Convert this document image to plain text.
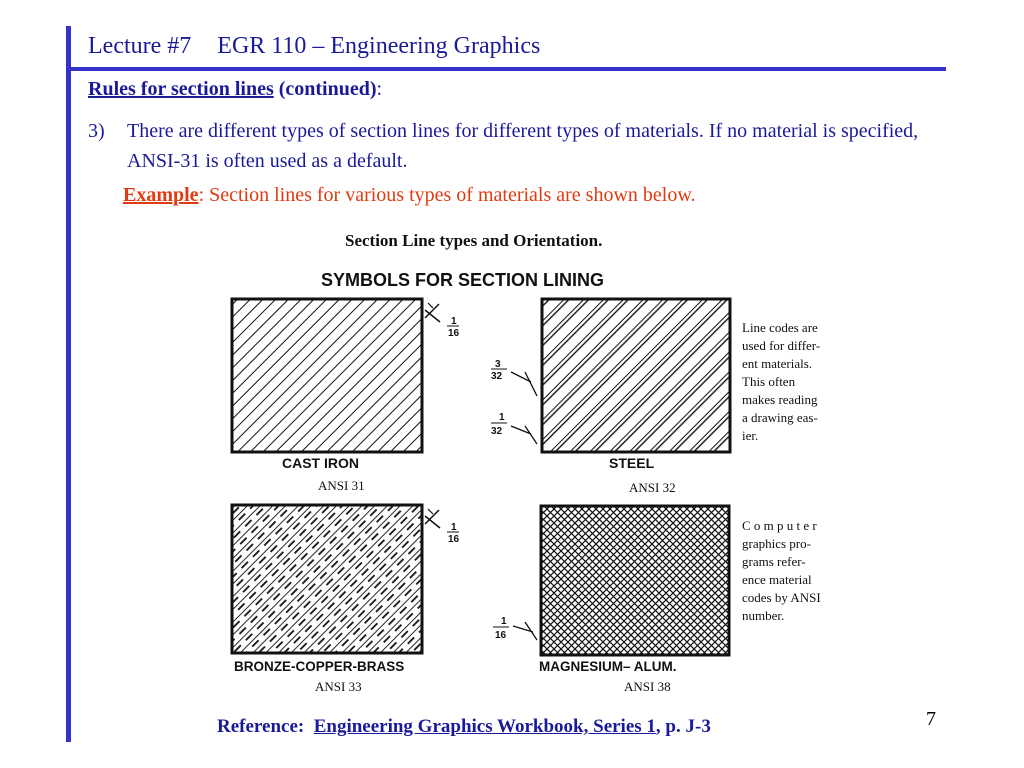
Lecture #7 EGR 110 – Engineering Graphics
Rules for section lines (continued):
3) There are different types of section lines for different types of materials. If no material is specified, ANSI-31 is often used as a default.
Example: Section lines for various types of materials are shown below.
Section Line types and Orientation.
SYMBOLS FOR SECTION LINING
1
16
CAST IRON
ANSI 31
3
32
1
32
STEEL
ANSI 32
1
16
BRONZE-COPPER-BRASS
ANSI 33
1
16
MAGNESIUM– ALUM.
ANSI 38
Line codes are
used for differ-
ent materials.
This often
makes reading
a drawing eas-
ier.
C o m p u t e r
graphics pro-
grams refer-
ence material
codes by ANSI
number.
Reference: Engineering Graphics Workbook, Series 1, p. J-3	7
